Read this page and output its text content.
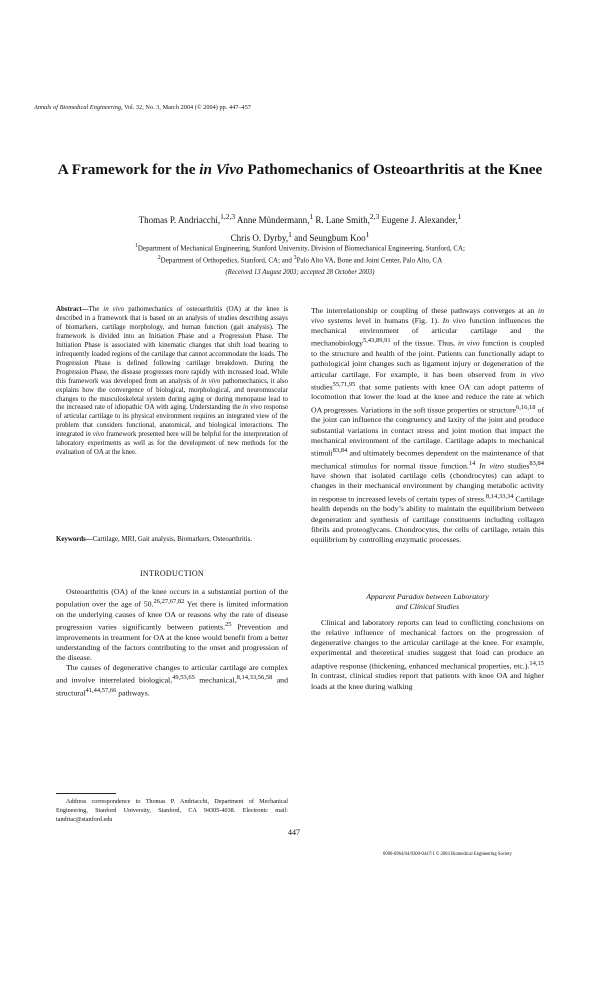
Annals of Biomedical Engineering, Vol. 32, No. 3, March 2004 (© 2004) pp. 447–457
A Framework for the in Vivo Pathomechanics of Osteoarthritis at the Knee
Thomas P. Andriacchi,$^{1,2,3}$ Anne Mündermann,$^1$ R. Lane Smith,$^{2,3}$ Eugene J. Alexander,$^1$
Chris O. Dyrby,$^1$ and Seungbum Koo$^1$
$^1$Department of Mechanical Engineering, Stanford University, Division of Biomechanical Engineering, Stanford, CA;
$^2$Department of Orthopedics, Stanford, CA; and $^3$Palo Alto VA, Bone and Joint Center, Palo Alto, CA
(Received 13 August 2003; accepted 28 October 2003)
Abstract—The in vivo pathomechanics of osteoarthritis (OA) at the knee is described in a framework that is based on an analysis of studies describing assays of biomarkers, cartilage morphology, and human function (gait analysis). The framework is divided into an Initiation Phase and a Progression Phase. The Initiation Phase is associated with kinematic changes that shift load bearing to infrequently loaded regions of the cartilage that cannot accommodate the loads. The Progression Phase is defined following cartilage breakdown. During the Progression Phase, the disease progresses more rapidly with increased load. While this framework was developed from an analysis of in vivo pathomechanics, it also explains how the convergence of biological, morphological, and neuromuscular changes to the musculoskeletal system during aging or during menopause lead to the increased rate of idiopathic OA with aging. Understanding the in vivo response of articular cartilage to its physical environment requires an integrated view of the problem that considers functional, anatomical, and biological interactions. The integrated in vivo framework presented here will be helpful for the interpretation of laboratory experiments as well as for the development of new methods for the evaluation of OA at the knee.
Keywords—Cartilage, MRI, Gait analysis, Biomarkers, Osteoarthritis.
INTRODUCTION

Osteoarthritis (OA) of the knee occurs in a substantial portion of the population over the age of 50.$^{26,27,67,82}$ Yet there is limited information on the underlying causes of knee OA or reasons why the rate of disease progression varies significantly between patients.$^{25}$ Prevention and improvements in treatment for OA at the knee would benefit from a better understanding of the factors contributing to the onset and progression of the disease.

The causes of degenerative changes to articular cartilage are complex and involve interrelated biological,$^{49,53,65}$ mechanical,$^{8,14,33,56,58}$ and structural$^{41,44,57,66}$ pathways.

Address correspondence to Thomas P. Andriacchi, Department of Mechanical Engineering, Stanford University, Stanford, CA 94305-4038. Electronic mail: tandriac@stanford.edu
447
0090-6964/04/0300-0447/1 © 2004 Biomedical Engineering Society

The interrelationship or coupling of these pathways converges at an in vivo systems level in humans (Fig. 1). In vivo function influences the mechanical environment of articular cartilage and the mechanobiology$^{5,43,89,91}$ of the tissue. Thus, in vivo function is coupled to the structure and health of the joint. Patients can functionally adapt to pathological joint changes such as ligament injury or degeneration of the articular cartilage. For example, it has been observed from in vivo studies$^{55,71,95}$ that some patients with knee OA can adopt patterns of locomotion that lower the load at the knee and reduce the rate at which OA progresses. Variations in the soft tissue properties or structure$^{6,16,18}$ of the joint can influence the congruency and laxity of the joint and produce substantial variations in contact stress and joint motion that impact the mechanical environment of the cartilage. Cartilage adapts to mechanical stimuli$^{83,84}$ and ultimately becomes dependent on the maintenance of that mechanical stimulus for normal tissue function.$^{14}$ In vitro studies$^{83,84}$ have shown that isolated cartilage cells (chondrocytes) can adapt to changes in their mechanical environment by changing metabolic activity in response to increased levels of certain types of stress.$^{8,14,33,34}$ Cartilage health depends on the body’s ability to maintain the equilibrium between degeneration and synthesis of cartilage constituents including collagen fibrils and proteoglycans. Chondrocytes, the cells of cartilage, retain this equilibrium by controlling enzymatic processes.

Apparent Paradox between Laboratory
and Clinical Studies

Clinical and laboratory reports can lead to conflicting conclusions on the relative influence of mechanical factors on the progression of degenerative changes to the articular cartilage at the knee. For example, experimental and theoretical studies suggest that load can produce an adaptive response (thickening, enhanced mechanical properties, etc.).$^{14,15}$ In contrast, clinical studies report that patients with knee OA and higher loads at the knee during walking
